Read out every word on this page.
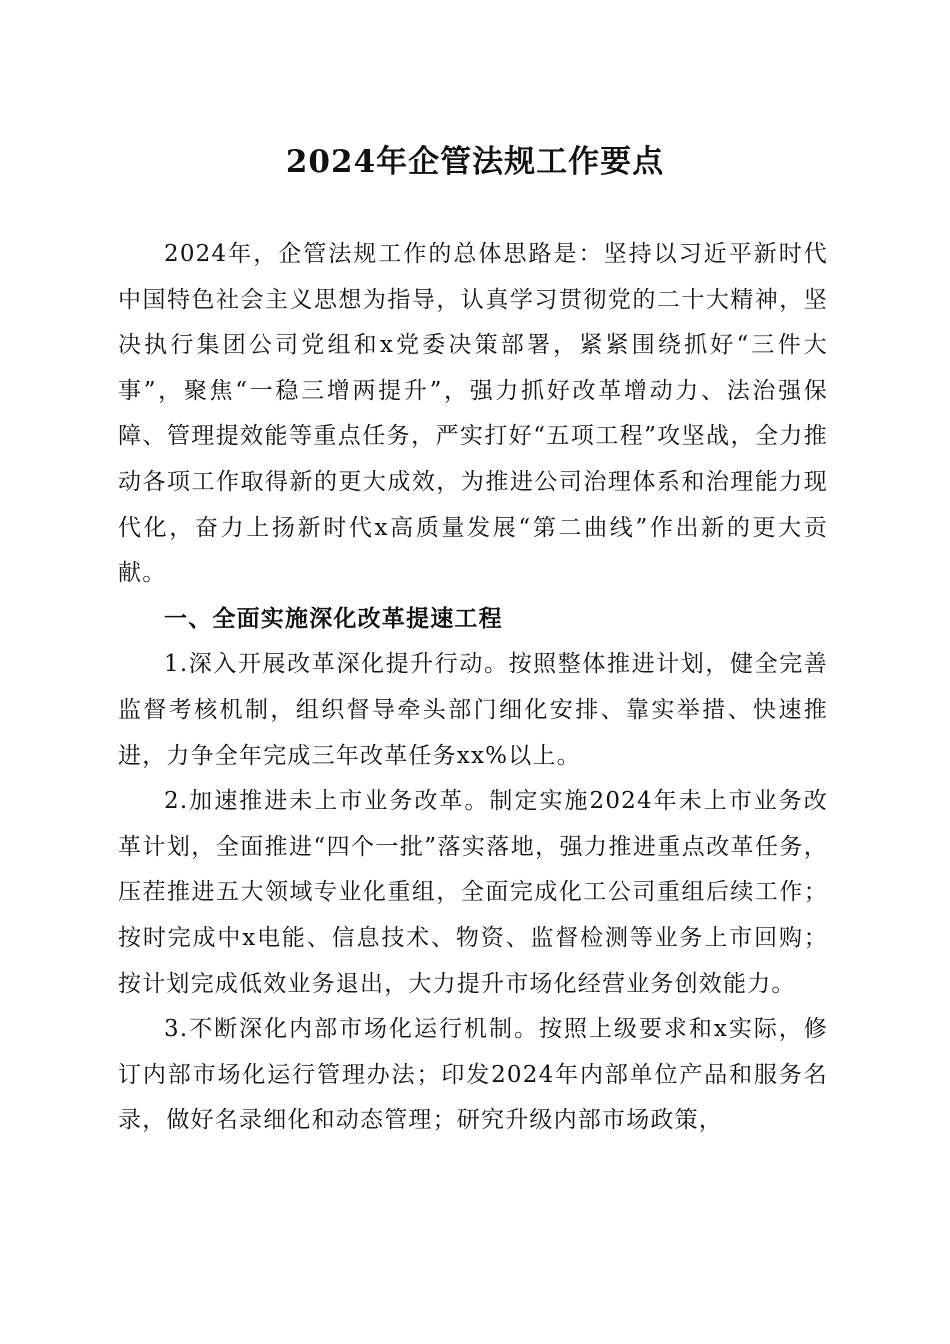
2024年企管法规工作要点

2024年，企管法规工作的总体思路是：坚持以习近平新时代中国特色社会主义思想为指导，认真学习贯彻党的二十大精神，坚决执行集团公司党组和x党委决策部署，紧紧围绕抓好“三件大事”，聚焦“一稳三增两提升”，强力抓好改革增动力、法治强保障、管理提效能等重点任务，严实打好“五项工程”攻坚战，全力推动各项工作取得新的更大成效，为推进公司治理体系和治理能力现代化，奋力上扬新时代x高质量发展“第二曲线”作出新的更大贡献。

一、全面实施深化改革提速工程

1.深入开展改革深化提升行动。按照整体推进计划，健全完善监督考核机制，组织督导牵头部门细化安排、靠实举措、快速推进，力争全年完成三年改革任务xx%以上。

2.加速推进未上市业务改革。制定实施2024年未上市业务改革计划，全面推进“四个一批”落实落地，强力推进重点改革任务，压茬推进五大领域专业化重组，全面完成化工公司重组后续工作；按时完成中x电能、信息技术、物资、监督检测等业务上市回购；按计划完成低效业务退出，大力提升市场化经营业务创效能力。

3.不断深化内部市场化运行机制。按照上级要求和x实际，修订内部市场化运行管理办法；印发2024年内部单位产品和服务名录，做好名录细化和动态管理；研究升级内部市场政策，
